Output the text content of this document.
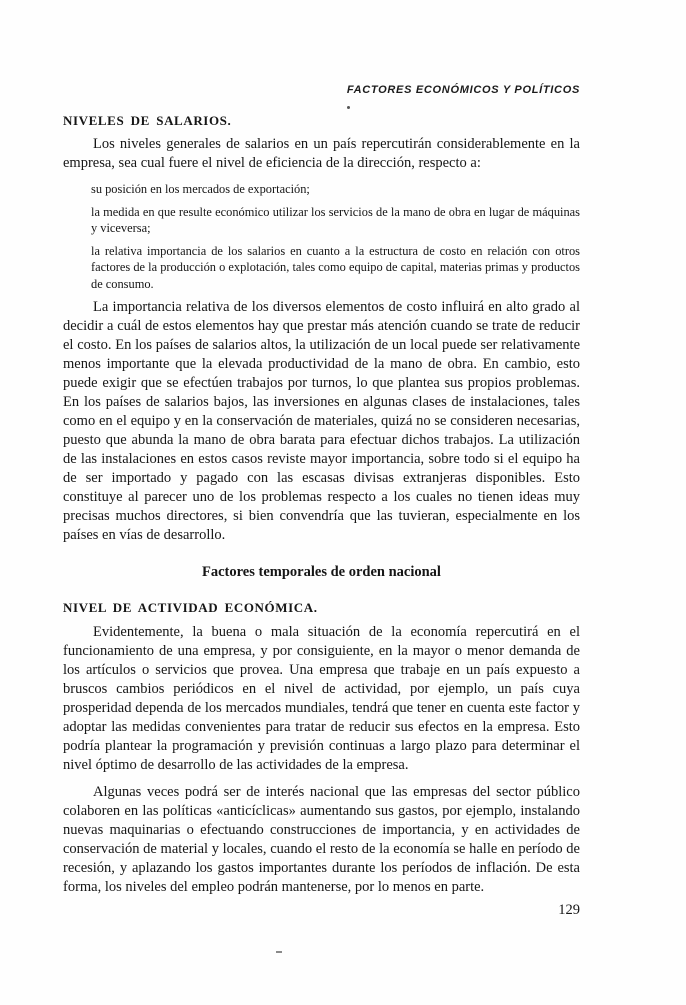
FACTORES ECONÓMICOS Y POLÍTICOS
NIVELES DE SALARIOS.

Los niveles generales de salarios en un país repercutirán considerablemente en la empresa, sea cual fuere el nivel de eficiencia de la dirección, respecto a:

su posición en los mercados de exportación;
la medida en que resulte económico utilizar los servicios de la mano de obra en lugar de máquinas y viceversa;
la relativa importancia de los salarios en cuanto a la estructura de costo en relación con otros factores de la producción o explotación, tales como equipo de capital, materias primas y productos de consumo.

La importancia relativa de los diversos elementos de costo influirá en alto grado al decidir a cuál de estos elementos hay que prestar más atención cuando se trate de reducir el costo. En los países de salarios altos, la utilización de un local puede ser relativamente menos importante que la elevada productividad de la mano de obra. En cambio, esto puede exigir que se efectúen trabajos por turnos, lo que plantea sus propios problemas. En los países de salarios bajos, las inversiones en algunas clases de instalaciones, tales como en el equipo y en la conservación de materiales, quizá no se consideren necesarias, puesto que abunda la mano de obra barata para efectuar dichos trabajos. La utilización de las instalaciones en estos casos reviste mayor importancia, sobre todo si el equipo ha de ser importado y pagado con las escasas divisas extranjeras disponibles. Esto constituye al parecer uno de los problemas respecto a los cuales no tienen ideas muy precisas muchos directores, si bien convendría que las tuvieran, especialmente en los países en vías de desarrollo.

Factores temporales de orden nacional
NIVEL DE ACTIVIDAD ECONÓMICA.

Evidentemente, la buena o mala situación de la economía repercutirá en el funcionamiento de una empresa, y por consiguiente, en la mayor o menor demanda de los artículos o servicios que provea. Una empresa que trabaje en un país expuesto a bruscos cambios periódicos en el nivel de actividad, por ejemplo, un país cuya prosperidad dependa de los mercados mundiales, tendrá que tener en cuenta este factor y adoptar las medidas convenientes para tratar de reducir sus efectos en la empresa. Esto podría plantear la programación y previsión continuas a largo plazo para determinar el nivel óptimo de desarrollo de las actividades de la empresa.

Algunas veces podrá ser de interés nacional que las empresas del sector público colaboren en las políticas «anticíclicas» aumentando sus gastos, por ejemplo, instalando nuevas maquinarias o efectuando construcciones de importancia, y en actividades de conservación de material y locales, cuando el resto de la economía se halle en período de recesión, y aplazando los gastos importantes durante los períodos de inflación. De esta forma, los niveles del empleo podrán mantenerse, por lo menos en parte.

129
